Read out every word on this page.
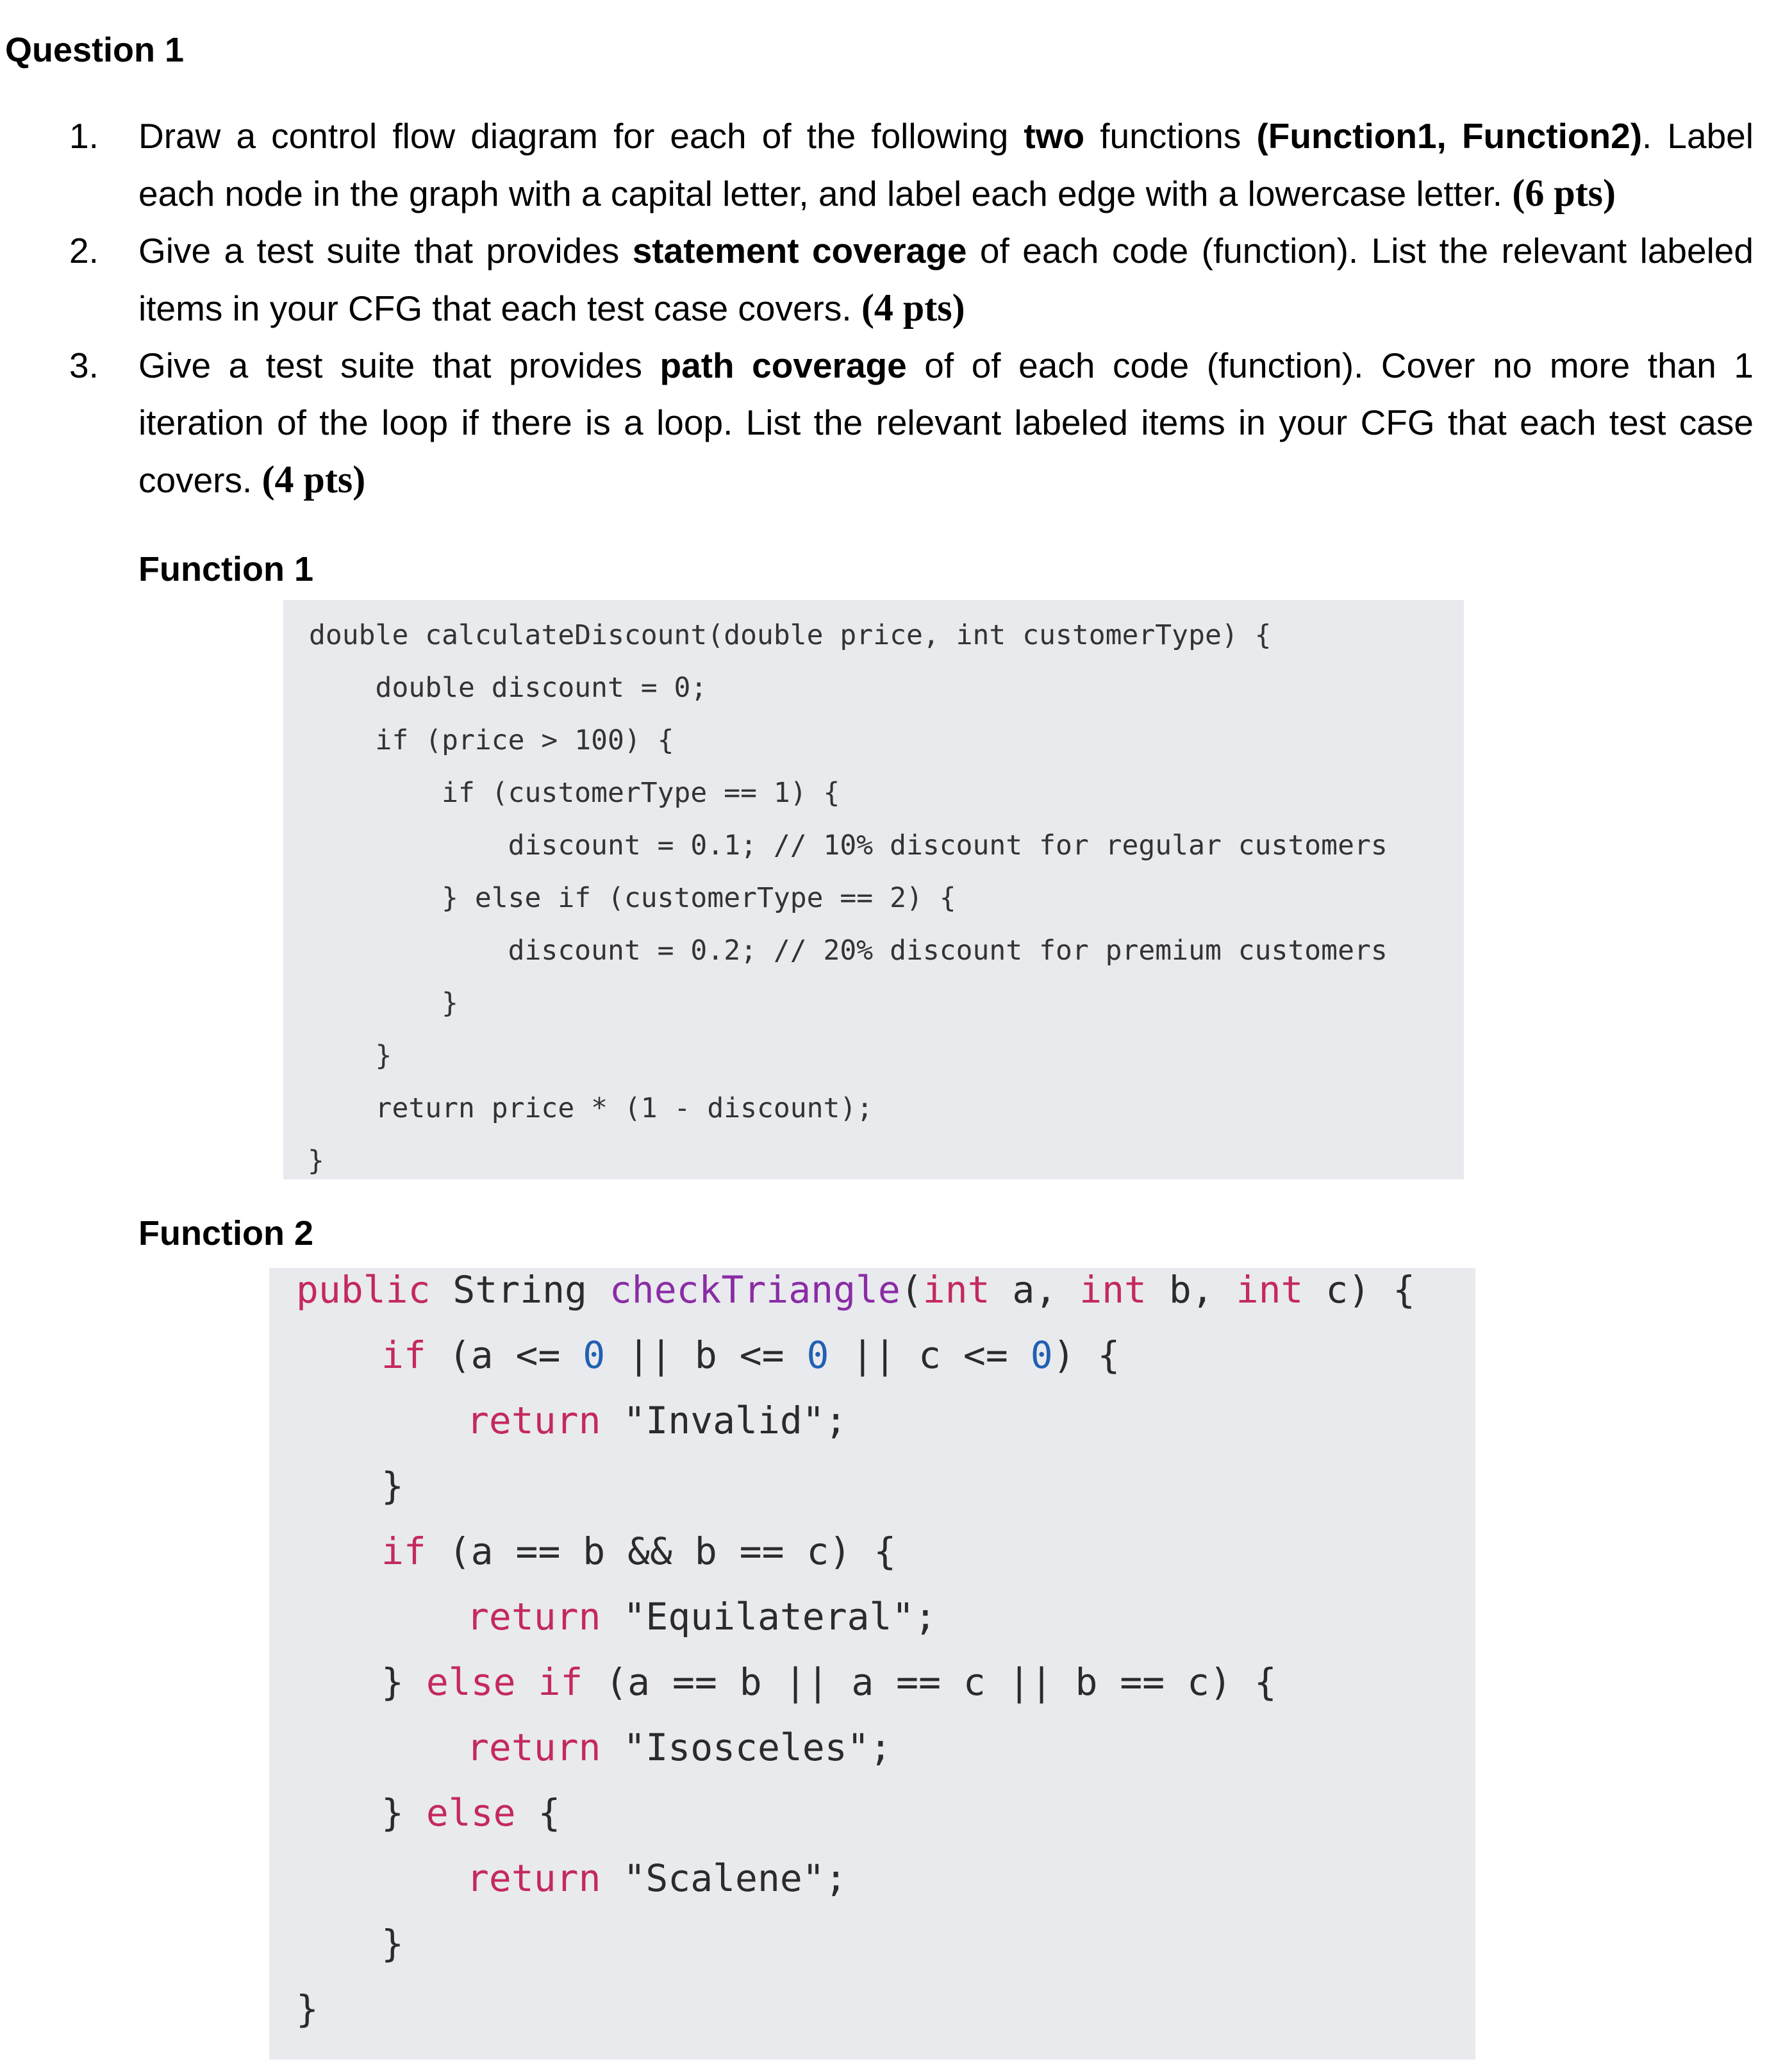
Question 1
1. Draw a control flow diagram for each of the following two functions (Function1, Function2). Label each node in the graph with a capital letter, and label each edge with a lowercase letter. (6 pts)
2. Give a test suite that provides statement coverage of each code (function). List the relevant labeled items in your CFG that each test case covers. (4 pts)
3. Give a test suite that provides path coverage of of each code (function). Cover no more than 1 iteration of the loop if there is a loop. List the relevant labeled items in your CFG that each test case covers. (4 pts)
Function 1
double calculateDiscount(double price, int customerType) {
double discount = 0;
if (price > 100) {
if (customerType == 1) {
discount = 0.1; // 10% discount for regular customers
} else if (customerType == 2) {
discount = 0.2; // 20% discount for premium customers
}
}
return price * (1 - discount);
}
Function 2
public String checkTriangle(int a, int b, int c) {
if (a <= 0 || b <= 0 || c <= 0) {
return "Invalid";
}
if (a == b && b == c) {
return "Equilateral";
} else if (a == b || a == c || b == c) {
return "Isosceles";
} else {
return "Scalene";
}
}
